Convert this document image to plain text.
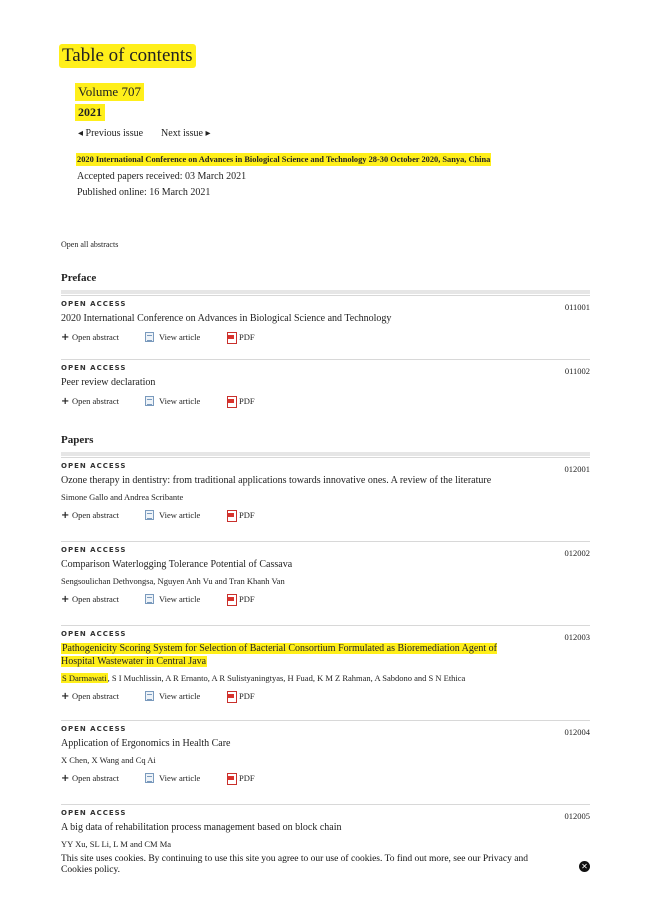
Table of contents
Volume 707
2021
◂ Previous issue Next issue ▸
2020 International Conference on Advances in Biological Science and Technology 28-30 October 2020, Sanya, China
Accepted papers received: 03 March 2021
Published online: 16 March 2021
Open all abstracts
Preface
OPEN ACCESS	011001
2020 International Conference on Advances in Biological Science and Technology
+ Open abstract	View article	PDF
OPEN ACCESS	011002
Peer review declaration
+ Open abstract	View article	PDF
Papers
OPEN ACCESS	012001
Ozone therapy in dentistry: from traditional applications towards innovative ones. A review of the literature
Simone Gallo and Andrea Scribante
+ Open abstract	View article	PDF
OPEN ACCESS	012002
Comparison Waterlogging Tolerance Potential of Cassava
Sengsoulichan Dethvongsa, Nguyen Anh Vu and Tran Khanh Van
+ Open abstract	View article	PDF
OPEN ACCESS	012003
Pathogenicity Scoring System for Selection of Bacterial Consortium Formulated as Bioremediation Agent of Hospital Wastewater in Central Java
S Darmawati, S I Muchlissin, A R Ernanto, A R Sulistyaningtyas, H Fuad, K M Z Rahman, A Sabdono and S N Ethica
+ Open abstract	View article	PDF
OPEN ACCESS	012004
Application of Ergonomics in Health Care
X Chen, X Wang and Cq Ai
+ Open abstract	View article	PDF
OPEN ACCESS	012005
A big data of rehabilitation process management based on block chain
YY Xu, SL Li, L M and CM Ma
This site uses cookies. By continuing to use this site you agree to our use of cookies. To find out more, see our Privacy and Cookies policy.	✕
